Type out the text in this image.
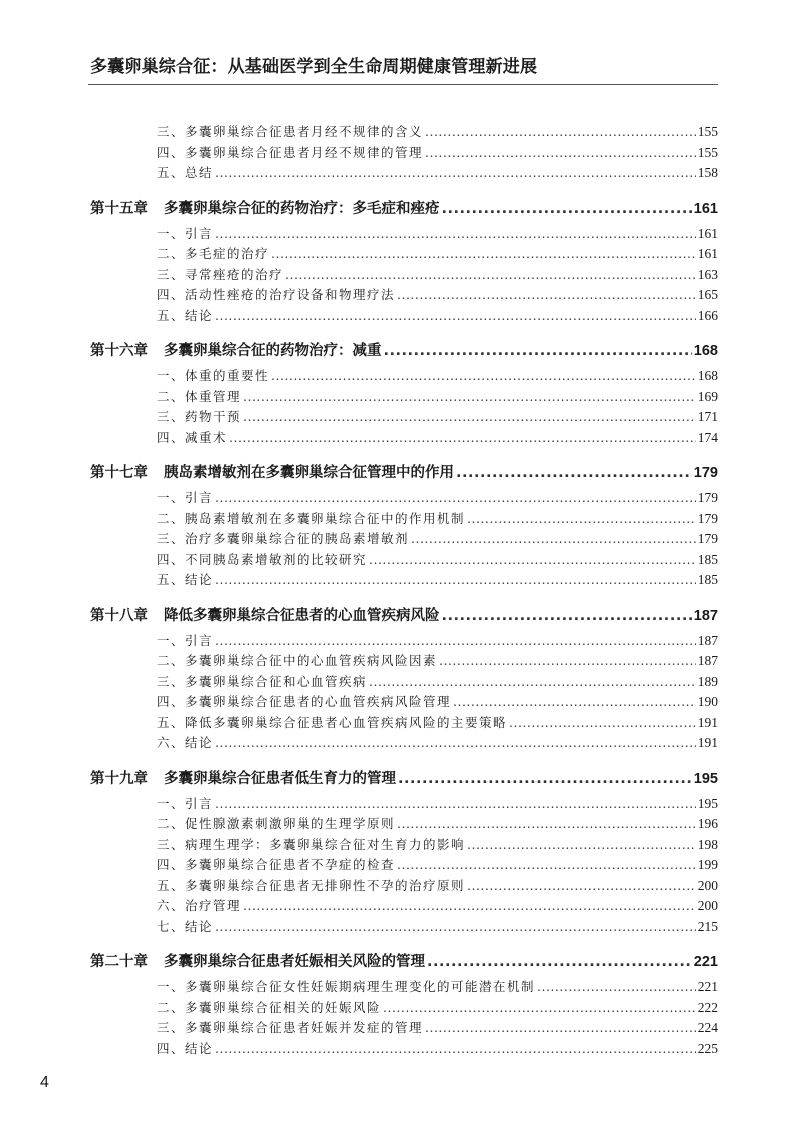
多囊卵巢综合征：从基础医学到全生命周期健康管理新进展
三、多囊卵巢综合征患者月经不规律的含义 .....	155
四、多囊卵巢综合征患者月经不规律的管理 .....	155
五、总结 .....	158
第十五章 多囊卵巢综合征的药物治疗：多毛症和痤疮 .....	161
一、引言 .....	161
二、多毛症的治疗 .....	161
三、寻常痤疮的治疗 .....	163
四、活动性痤疮的治疗设备和物理疗法 .....	165
五、结论 .....	166
第十六章 多囊卵巢综合征的药物治疗：减重 .....	168
一、体重的重要性 .....	168
二、体重管理 .....	169
三、药物干预 .....	171
四、减重术 .....	174
第十七章 胰岛素增敏剂在多囊卵巢综合征管理中的作用 .....	179
一、引言 .....	179
二、胰岛素增敏剂在多囊卵巢综合征中的作用机制 .....	179
三、治疗多囊卵巢综合征的胰岛素增敏剂 .....	179
四、不同胰岛素增敏剂的比较研究 .....	185
五、结论 .....	185
第十八章 降低多囊卵巢综合征患者的心血管疾病风险 .....	187
一、引言 .....	187
二、多囊卵巢综合征中的心血管疾病风险因素 .....	187
三、多囊卵巢综合征和心血管疾病 .....	189
四、多囊卵巢综合征患者的心血管疾病风险管理 .....	190
五、降低多囊卵巢综合征患者心血管疾病风险的主要策略 .....	191
六、结论 .....	191
第十九章 多囊卵巢综合征患者低生育力的管理 .....	195
一、引言 .....	195
二、促性腺激素刺激卵巢的生理学原则 .....	196
三、病理生理学：多囊卵巢综合征对生育力的影响 .....	198
四、多囊卵巢综合征患者不孕症的检查 .....	199
五、多囊卵巢综合征患者无排卵性不孕的治疗原则 .....	200
六、治疗管理 .....	200
七、结论 .....	215
第二十章 多囊卵巢综合征患者妊娠相关风险的管理 .....	221
一、多囊卵巢综合征女性妊娠期病理生理变化的可能潜在机制 .....	221
二、多囊卵巢综合征相关的妊娠风险 .....	222
三、多囊卵巢综合征患者妊娠并发症的管理 .....	224
四、结论 .....	225
4
